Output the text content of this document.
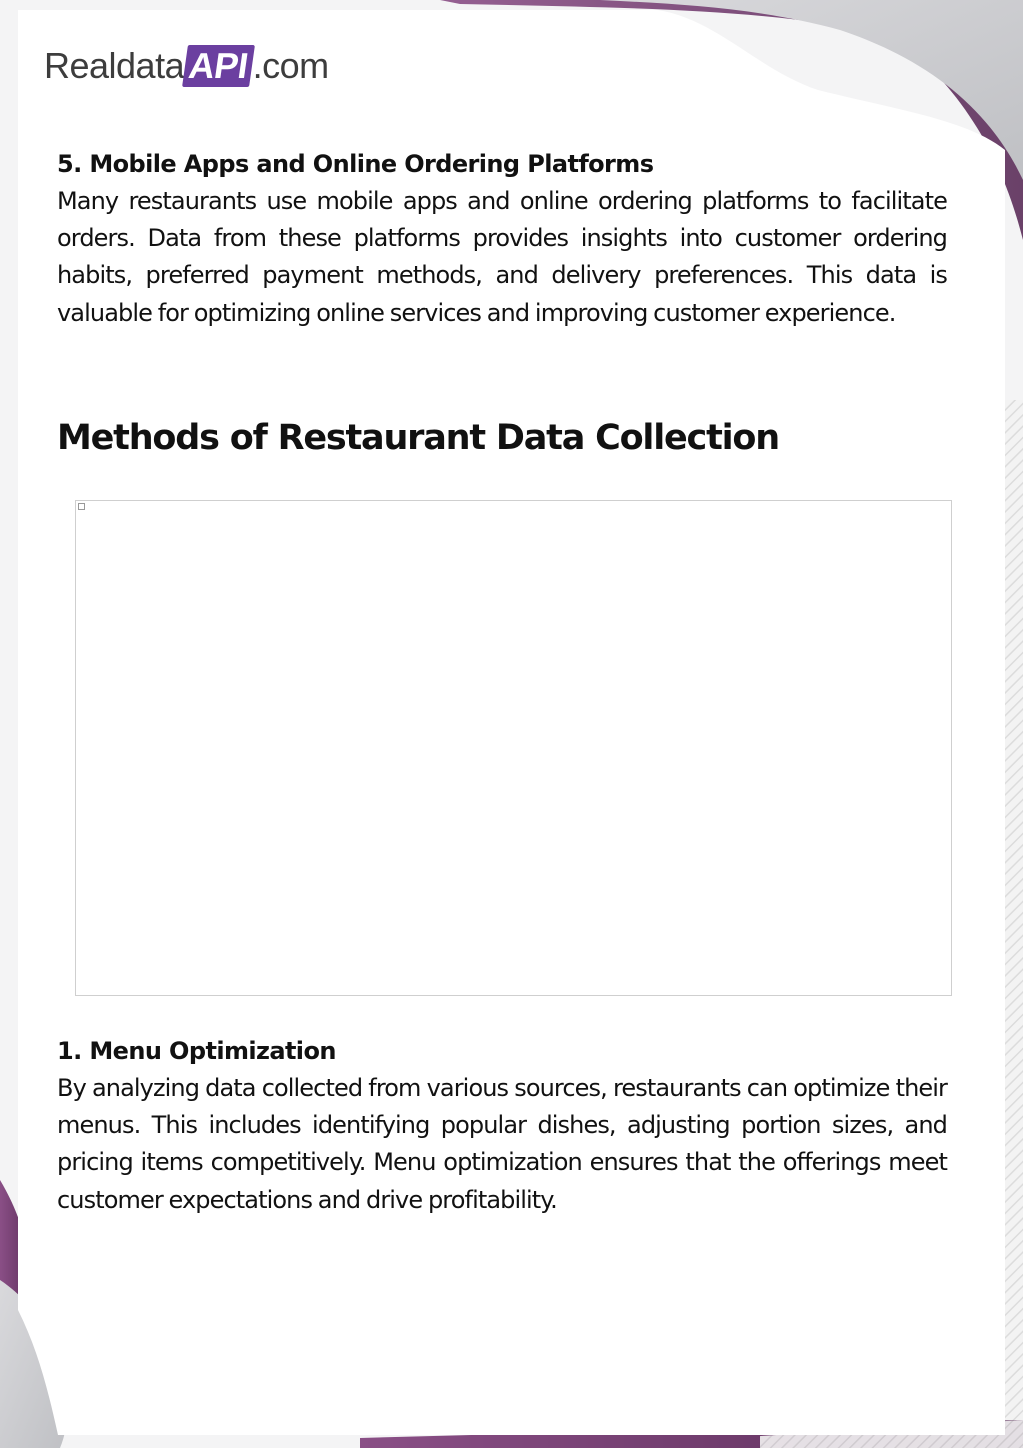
Realdata API .com
5. Mobile Apps and Online Ordering Platforms

Many restaurants use mobile apps and online ordering platforms to facilitate orders. Data from these platforms provides insights into customer ordering habits, preferred payment methods, and delivery preferences. This data is valuable for optimizing online services and improving customer experience.

Methods of Restaurant Data Collection
1. Menu Optimization

By analyzing data collected from various sources, restaurants can optimize their menus. This includes identifying popular dishes, adjusting portion sizes, and pricing items competitively. Menu optimization ensures that the offerings meet customer expectations and drive profitability.
